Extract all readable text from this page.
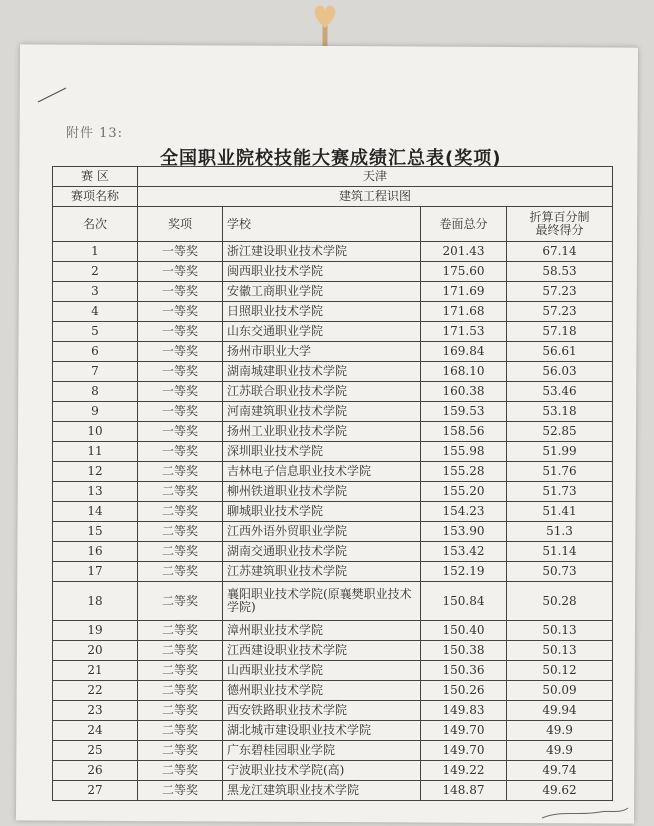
附件 13:
全国职业院校技能大赛成绩汇总表(奖项)
赛 区	天津			
赛项名称	建筑工程识图			
名次	奖项	学校	卷面总分	折算百分制
最终得分

1	一等奖	浙江建设职业技术学院	201.43	67.14
2	一等奖	闽西职业技术学院	175.60	58.53
3	一等奖	安徽工商职业学院	171.69	57.23
4	一等奖	日照职业技术学院	171.68	57.23
5	一等奖	山东交通职业学院	171.53	57.18
6	一等奖	扬州市职业大学	169.84	56.61
7	一等奖	湖南城建职业技术学院	168.10	56.03
8	一等奖	江苏联合职业技术学院	160.38	53.46
9	一等奖	河南建筑职业技术学院	159.53	53.18
10	一等奖	扬州工业职业技术学院	158.56	52.85
11	一等奖	深圳职业技术学院	155.98	51.99
12	二等奖	吉林电子信息职业技术学院	155.28	51.76
13	二等奖	柳州铁道职业技术学院	155.20	51.73
14	二等奖	聊城职业技术学院	154.23	51.41
15	二等奖	江西外语外贸职业学院	153.90	51.3
16	二等奖	湖南交通职业技术学院	153.42	51.14
17	二等奖	江苏建筑职业技术学院	152.19	50.73
18	二等奖	襄阳职业技术学院(原襄樊职业技术学院)	150.84	50.28
19	二等奖	漳州职业技术学院	150.40	50.13
20	二等奖	江西建设职业技术学院	150.38	50.13
21	二等奖	山西职业技术学院	150.36	50.12
22	二等奖	德州职业技术学院	150.26	50.09
23	二等奖	西安铁路职业技术学院	149.83	49.94
24	二等奖	湖北城市建设职业技术学院	149.70	49.9
25	二等奖	广东碧桂园职业学院	149.70	49.9
26	二等奖	宁波职业技术学院(高)	149.22	49.74
27	二等奖	黑龙江建筑职业技术学院	148.87	49.62
